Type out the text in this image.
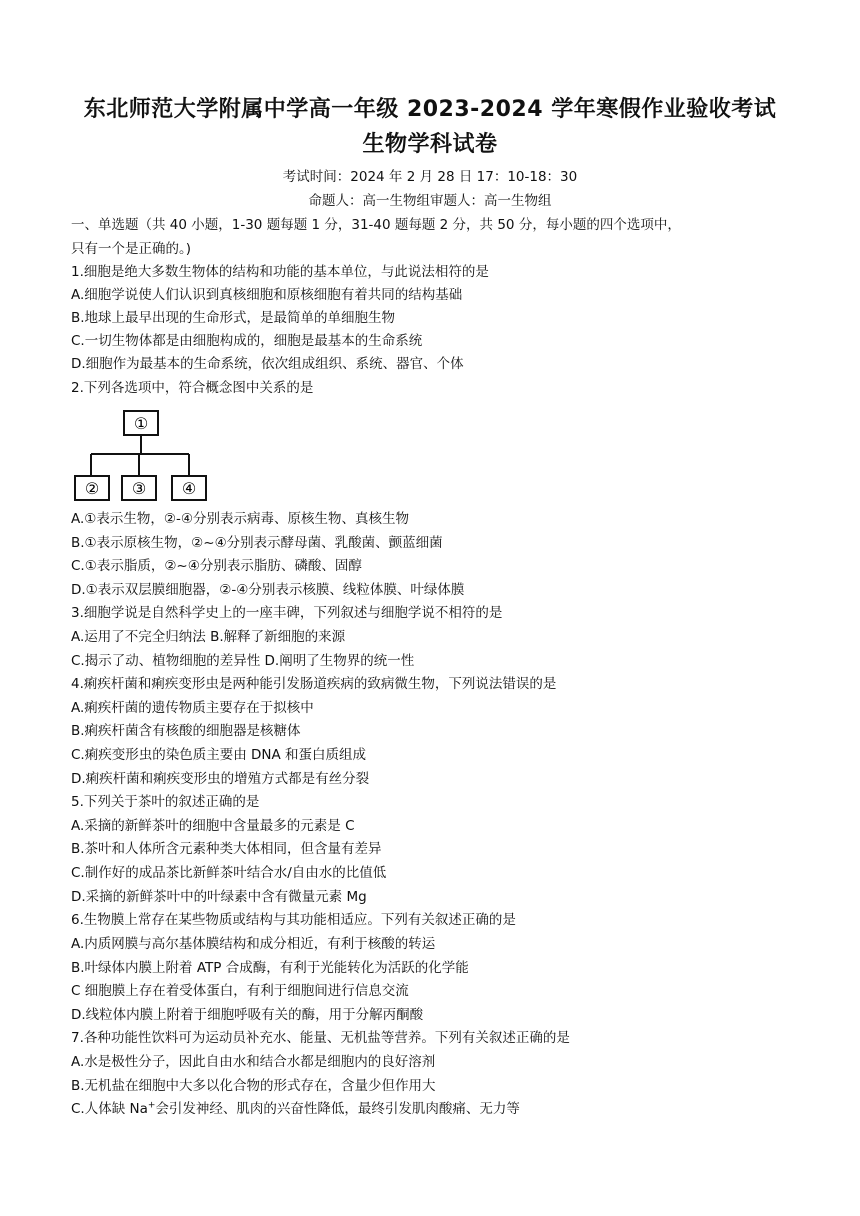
东北师范大学附属中学高一年级 2023-2024 学年寒假作业验收考试
生物学科试卷
考试时间：2024 年 2 月 28 日 17：10-18：30
命题人：高一生物组审题人：高一生物组
一、单选题（共 40 小题，1-30 题每题 1 分，31-40 题每题 2 分，共 50 分，每小题的四个选项中，
只有一个是正确的。)
1.细胞是绝大多数生物体的结构和功能的基本单位，与此说法相符的是
A.细胞学说使人们认识到真核细胞和原核细胞有着共同的结构基础
B.地球上最早出现的生命形式，是最简单的单细胞生物
C.一切生物体都是由细胞构成的，细胞是最基本的生命系统
D.细胞作为最基本的生命系统，依次组成组织、系统、器官、个体
2.下列各选项中，符合概念图中关系的是
①
② ③ ④
A.①表示生物，②-④分别表示病毒、原核生物、真核生物
B.①表示原核生物，②~④分别表示酵母菌、乳酸菌、颤蓝细菌
C.①表示脂质，②~④分别表示脂肪、磷酸、固醇
D.①表示双层膜细胞器，②-④分别表示核膜、线粒体膜、叶绿体膜
3.细胞学说是自然科学史上的一座丰碑，下列叙述与细胞学说不相符的是
A.运用了不完全归纳法 B.解释了新细胞的来源
C.揭示了动、植物细胞的差异性 D.阐明了生物界的统一性
4.痢疾杆菌和痢疾变形虫是两种能引发肠道疾病的致病微生物，下列说法错误的是
A.痢疾杆菌的遗传物质主要存在于拟核中
B.痢疾杆菌含有核酸的细胞器是核糖体
C.痢疾变形虫的染色质主要由 DNA 和蛋白质组成
D.痢疾杆菌和痢疾变形虫的增殖方式都是有丝分裂
5.下列关于茶叶的叙述正确的是
A.采摘的新鲜茶叶的细胞中含量最多的元素是 C
B.茶叶和人体所含元素种类大体相同，但含量有差异
C.制作好的成品茶比新鲜茶叶结合水/自由水的比值低
D.采摘的新鲜茶叶中的叶绿素中含有微量元素 Mg
6.生物膜上常存在某些物质或结构与其功能相适应。下列有关叙述正确的是
A.内质网膜与高尔基体膜结构和成分相近，有利于核酸的转运
B.叶绿体内膜上附着 ATP 合成酶，有利于光能转化为活跃的化学能
C 细胞膜上存在着受体蛋白，有利于细胞间进行信息交流
D.线粒体内膜上附着于细胞呼吸有关的酶，用于分解丙酮酸
7.各种功能性饮料可为运动员补充水、能量、无机盐等营养。下列有关叙述正确的是
A.水是极性分子，因此自由水和结合水都是细胞内的良好溶剂
B.无机盐在细胞中大多以化合物的形式存在，含量少但作用大
C.人体缺 Na+会引发神经、肌肉的兴奋性降低，最终引发肌肉酸痛、无力等
